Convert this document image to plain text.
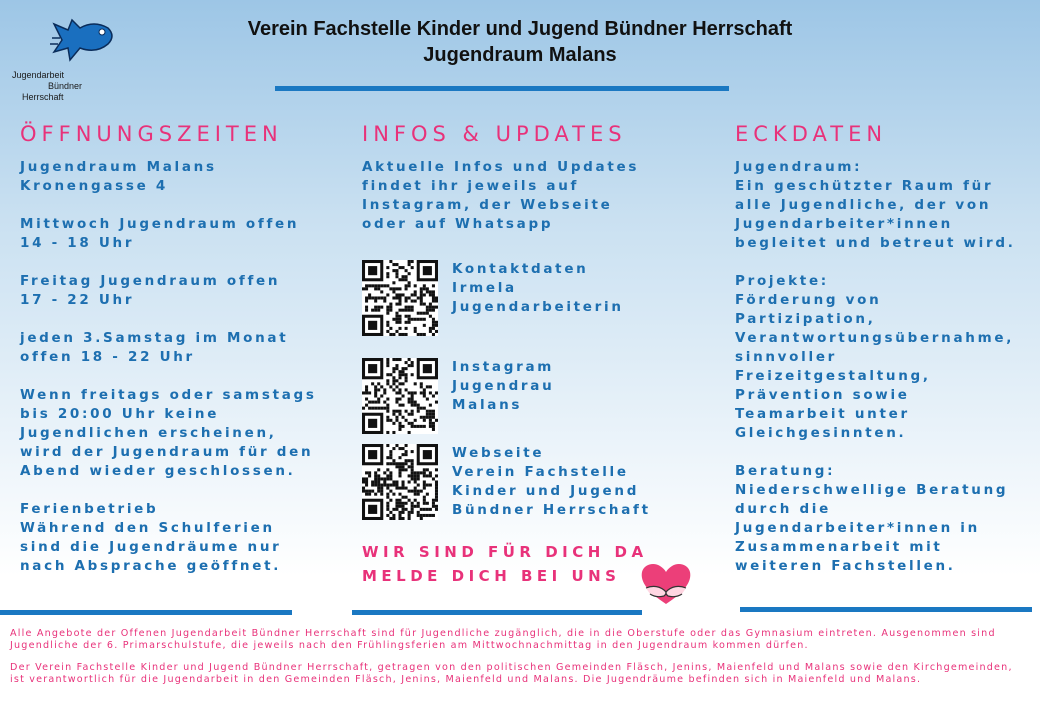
Jugendarbeit
Bündner
Herrschaft
Verein Fachstelle Kinder und Jugend Bündner Herrschaft
Jugendraum Malans
ÖFFNUNGSZEITEN

Jugendraum Malans
Kronengasse 4

Mittwoch Jugendraum offen
14 - 18 Uhr

Freitag Jugendraum offen
17 - 22 Uhr

jeden 3.Samstag im Monat
offen 18 - 22 Uhr

Wenn freitags oder samstags
bis 20:00 Uhr keine
Jugendlichen erscheinen,
wird der Jugendraum für den
Abend wieder geschlossen.

Ferienbetrieb
Während den Schulferien
sind die Jugendräume nur
nach Absprache geöffnet.

INFOS & UPDATES

Aktuelle Infos und Updates
findet ihr jeweils auf
Instagram, der Webseite
oder auf Whatsapp

Kontaktdaten
Irmela
Jugendarbeiterin

Instagram
Jugendrau
Malans

Webseite
Verein Fachstelle
Kinder und Jugend
Bündner Herrschaft

WIR SIND FÜR DICH DA
MELDE DICH BEI UNS
ECKDATEN

Jugendraum:
Ein geschützter Raum für
alle Jugendliche, der von
Jugendarbeiter*innen
begleitet und betreut wird.

Projekte:
Förderung von
Partizipation,
Verantwortungsübernahme,
sinnvoller
Freizeitgestaltung,
Prävention sowie
Teamarbeit unter
Gleichgesinnten.

Beratung:
Niederschwellige Beratung
durch die
Jugendarbeiter*innen in
Zusammenarbeit mit
weiteren Fachstellen.

Alle Angebote der Offenen Jugendarbeit Bündner Herrschaft sind für Jugendliche zugänglich, die in die Oberstufe oder das Gymnasium eintreten. Ausgenommen sind Jugendliche der 6. Primarschulstufe, die jeweils nach den Frühlingsferien am Mittwochnachmittag in den Jugendraum kommen dürfen.

Der Verein Fachstelle Kinder und Jugend Bündner Herrschaft, getragen von den politischen Gemeinden Fläsch, Jenins, Maienfeld und Malans sowie den Kirchgemeinden, ist verantwortlich für die Jugendarbeit in den Gemeinden Fläsch, Jenins, Maienfeld und Malans. Die Jugendräume befinden sich in Maienfeld und Malans.
